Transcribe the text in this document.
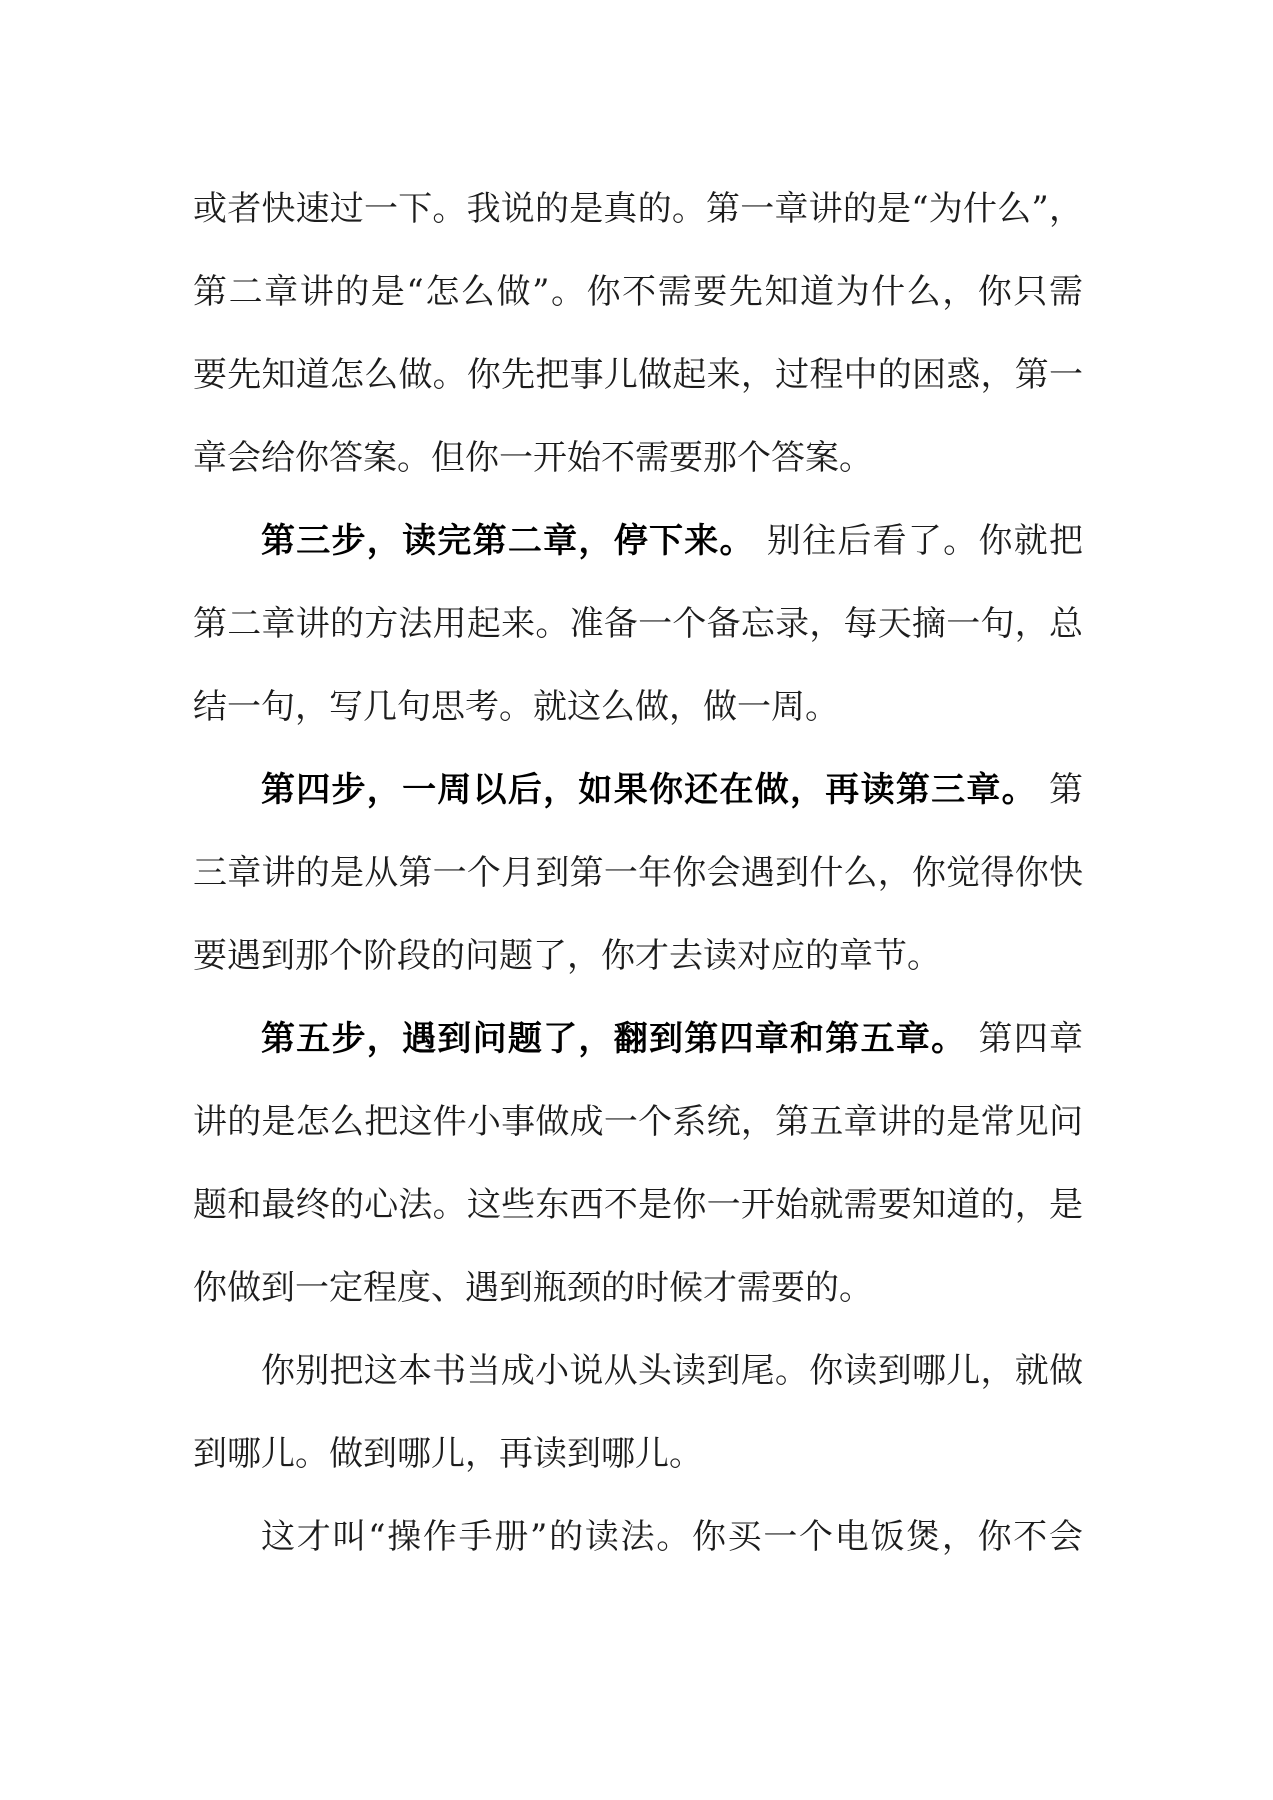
或者快速过一下。我说的是真的。第一章讲的是“为什么”，
第二章讲的是“怎么做”。你不需要先知道为什么，你只需
要先知道怎么做。你先把事儿做起来，过程中的困惑，第一
章会给你答案。但你一开始不需要那个答案。
第三步，读完第二章，停下来。 别往后看了。你就把
第二章讲的方法用起来。准备一个备忘录，每天摘一句，总
结一句，写几句思考。就这么做，做一周。
第四步，一周以后，如果你还在做，再读第三章。 第
三章讲的是从第一个月到第一年你会遇到什么，你觉得你快
要遇到那个阶段的问题了，你才去读对应的章节。
第五步，遇到问题了，翻到第四章和第五章。 第四章
讲的是怎么把这件小事做成一个系统，第五章讲的是常见问
题和最终的心法。这些东西不是你一开始就需要知道的，是
你做到一定程度、遇到瓶颈的时候才需要的。
你别把这本书当成小说从头读到尾。你读到哪儿，就做
到哪儿。做到哪儿，再读到哪儿。
这才叫“操作手册”的读法。你买一个电饭煲，你不会
